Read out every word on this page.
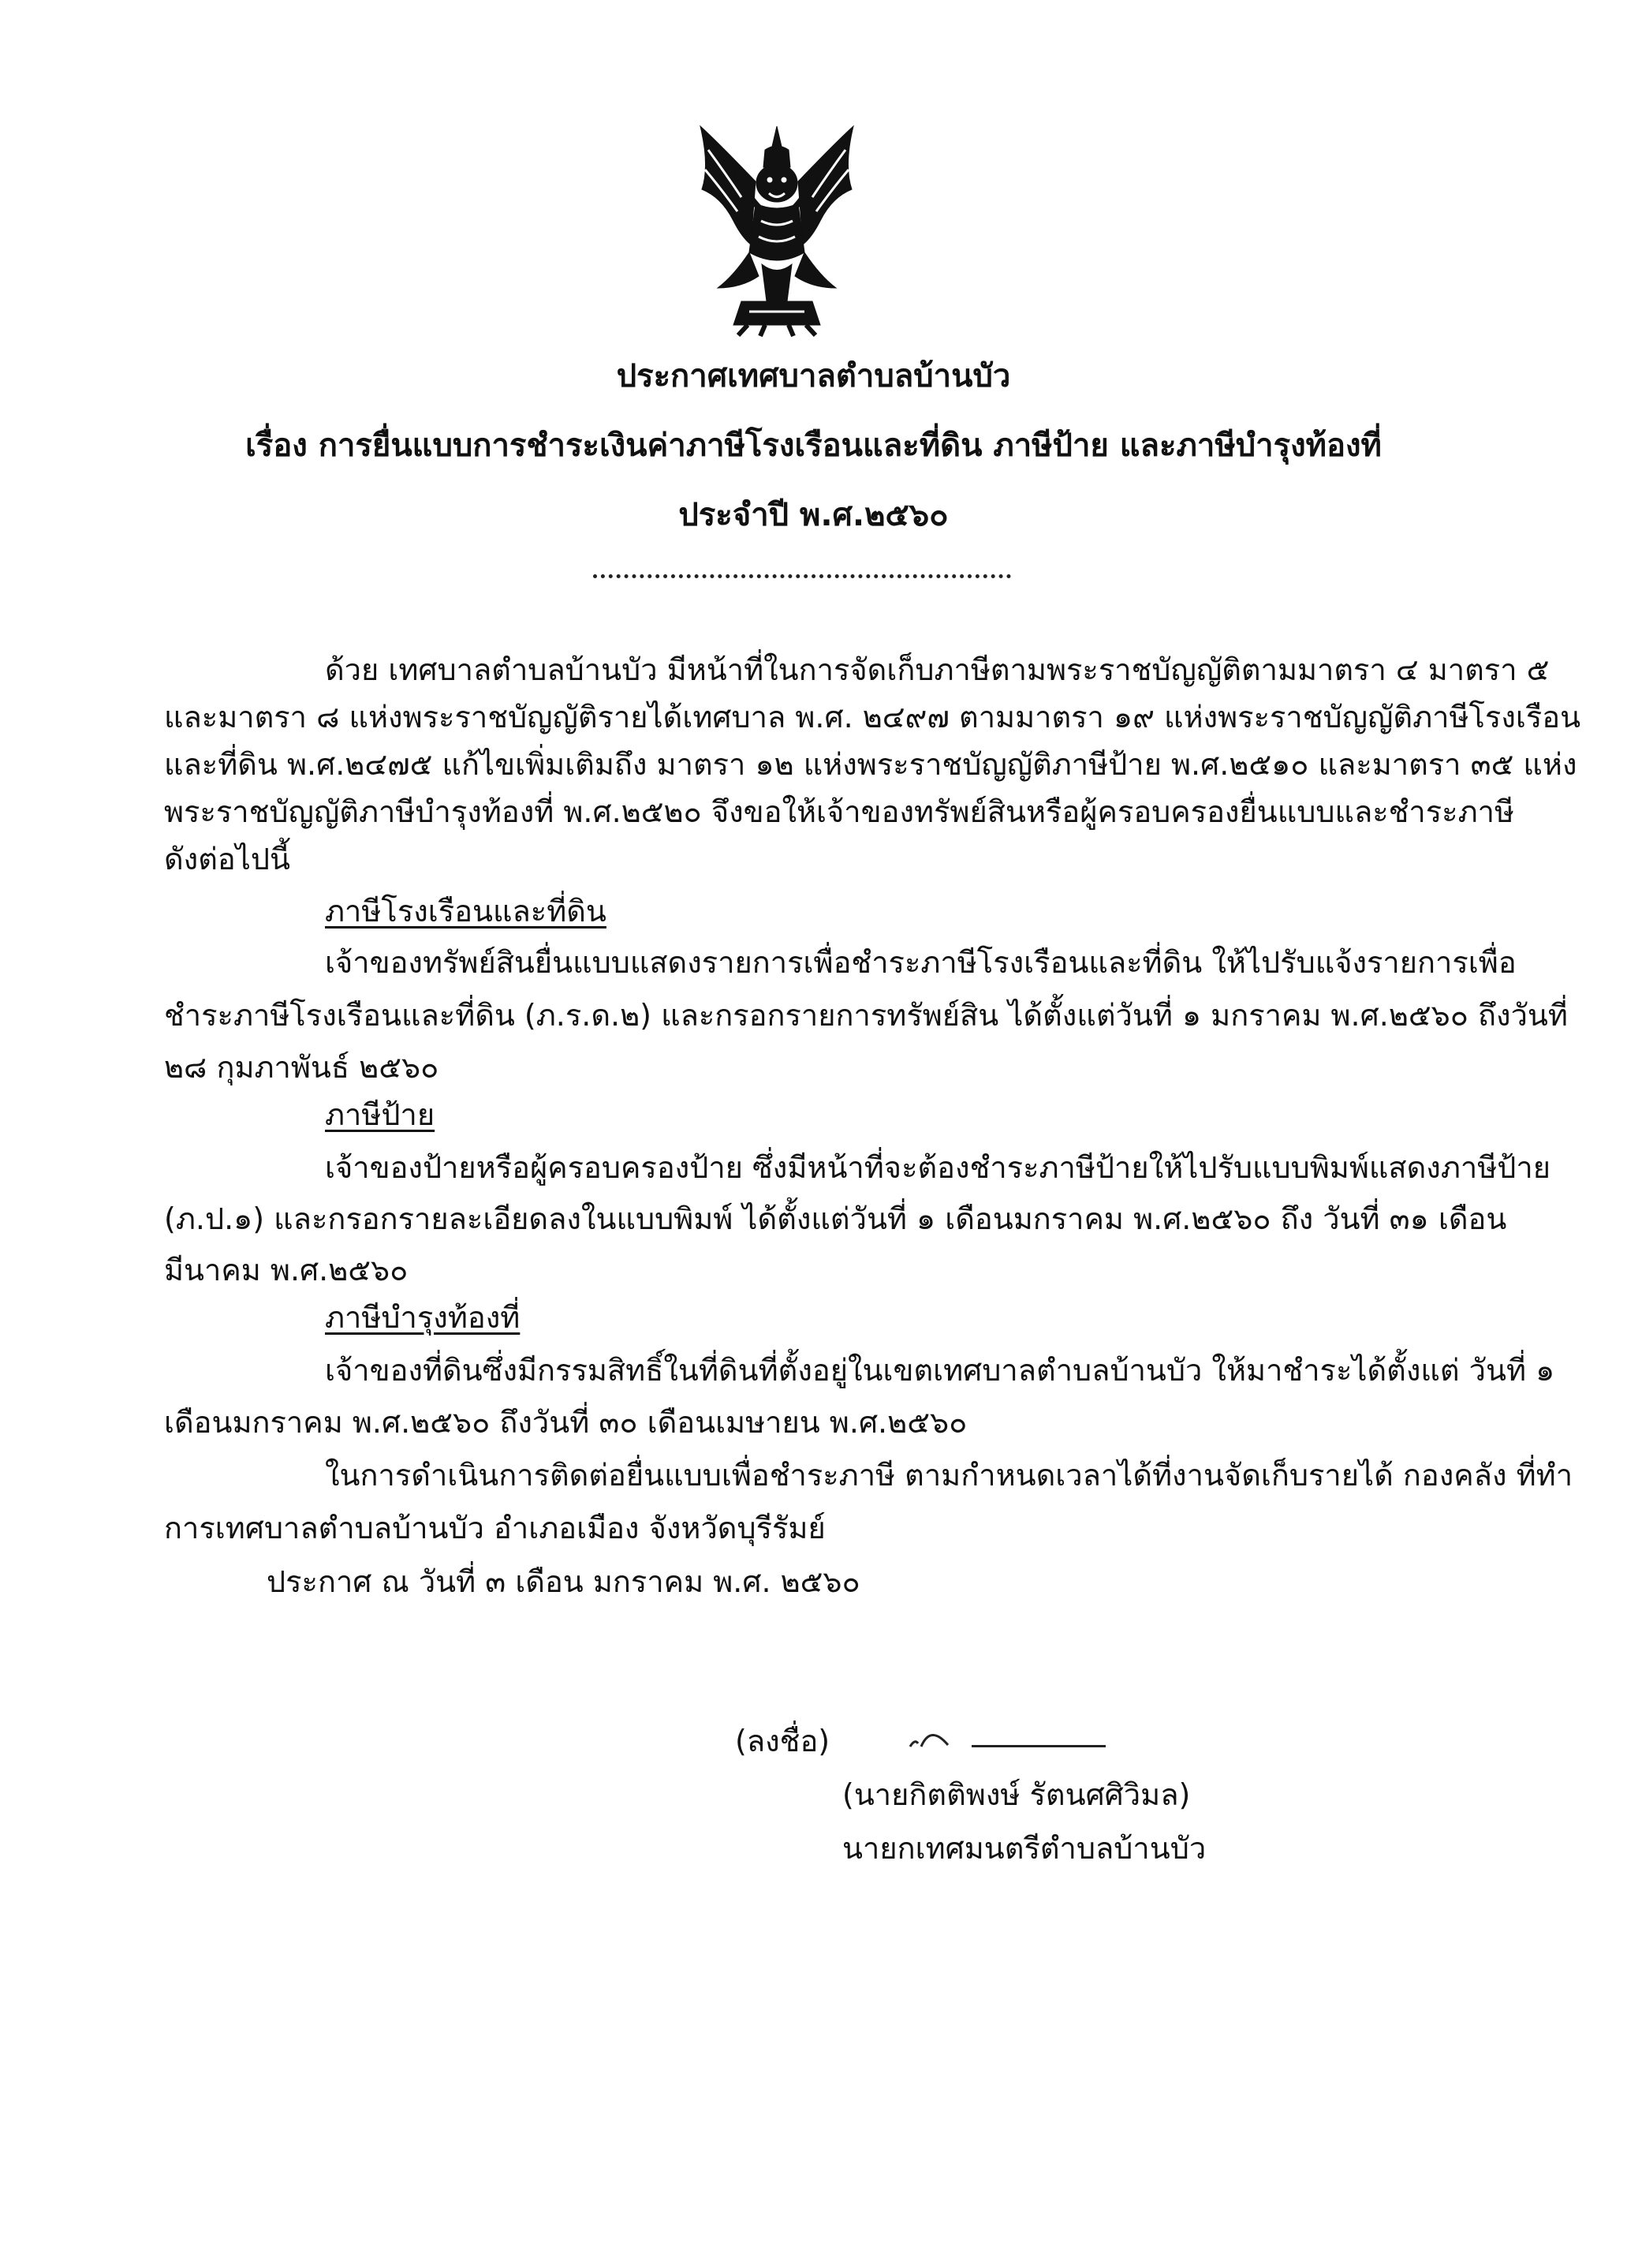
ประกาศเทศบาลตำบลบ้านบัว
เรื่อง การยื่นแบบการชำระเงินค่าภาษีโรงเรือนและที่ดิน ภาษีป้าย และภาษีบำรุงท้องที่
ประจำปี พ.ศ.๒๕๖๐
ด้วย เทศบาลตำบลบ้านบัว มีหน้าที่ในการจัดเก็บภาษีตามพระราชบัญญัติตามมาตรา ๔ มาตรา ๕
และมาตรา ๘ แห่งพระราชบัญญัติรายได้เทศบาล พ.ศ. ๒๔๙๗ ตามมาตรา ๑๙ แห่งพระราชบัญญัติภาษีโรงเรือน
และที่ดิน พ.ศ.๒๔๗๕ แก้ไขเพิ่มเติมถึง มาตรา ๑๒ แห่งพระราชบัญญัติภาษีป้าย พ.ศ.๒๕๑๐ และมาตรา ๓๕ แห่ง
พระราชบัญญัติภาษีบำรุงท้องที่ พ.ศ.๒๕๒๐ จึงขอให้เจ้าของทรัพย์สินหรือผู้ครอบครองยื่นแบบและชำระภาษี
ดังต่อไปนี้
ภาษีโรงเรือนและที่ดิน
เจ้าของทรัพย์สินยื่นแบบแสดงรายการเพื่อชำระภาษีโรงเรือนและที่ดิน ให้ไปรับแจ้งรายการเพื่อ
ชำระภาษีโรงเรือนและที่ดิน (ภ.ร.ด.๒) และกรอกรายการทรัพย์สิน ได้ตั้งแต่วันที่ ๑ มกราคม พ.ศ.๒๕๖๐ ถึงวันที่
๒๘ กุมภาพันธ์ ๒๕๖๐
ภาษีป้าย
เจ้าของป้ายหรือผู้ครอบครองป้าย ซึ่งมีหน้าที่จะต้องชำระภาษีป้ายให้ไปรับแบบพิมพ์แสดงภาษีป้าย
(ภ.ป.๑) และกรอกรายละเอียดลงในแบบพิมพ์ ได้ตั้งแต่วันที่ ๑ เดือนมกราคม พ.ศ.๒๕๖๐ ถึง วันที่ ๓๑ เดือน
มีนาคม พ.ศ.๒๕๖๐
ภาษีบำรุงท้องที่
เจ้าของที่ดินซึ่งมีกรรมสิทธิ์ในที่ดินที่ตั้งอยู่ในเขตเทศบาลตำบลบ้านบัว ให้มาชำระได้ตั้งแต่ วันที่ ๑
เดือนมกราคม พ.ศ.๒๕๖๐ ถึงวันที่ ๓๐ เดือนเมษายน พ.ศ.๒๕๖๐
ในการดำเนินการติดต่อยื่นแบบเพื่อชำระภาษี ตามกำหนดเวลาได้ที่งานจัดเก็บรายได้ กองคลัง ที่ทำ
การเทศบาลตำบลบ้านบัว อำเภอเมือง จังหวัดบุรีรัมย์
ประกาศ ณ วันที่ ๓ เดือน มกราคม พ.ศ. ๒๕๖๐
(ลงชื่อ)
(นายกิตติพงษ์ รัตนศศิวิมล)
นายกเทศมนตรีตำบลบ้านบัว
